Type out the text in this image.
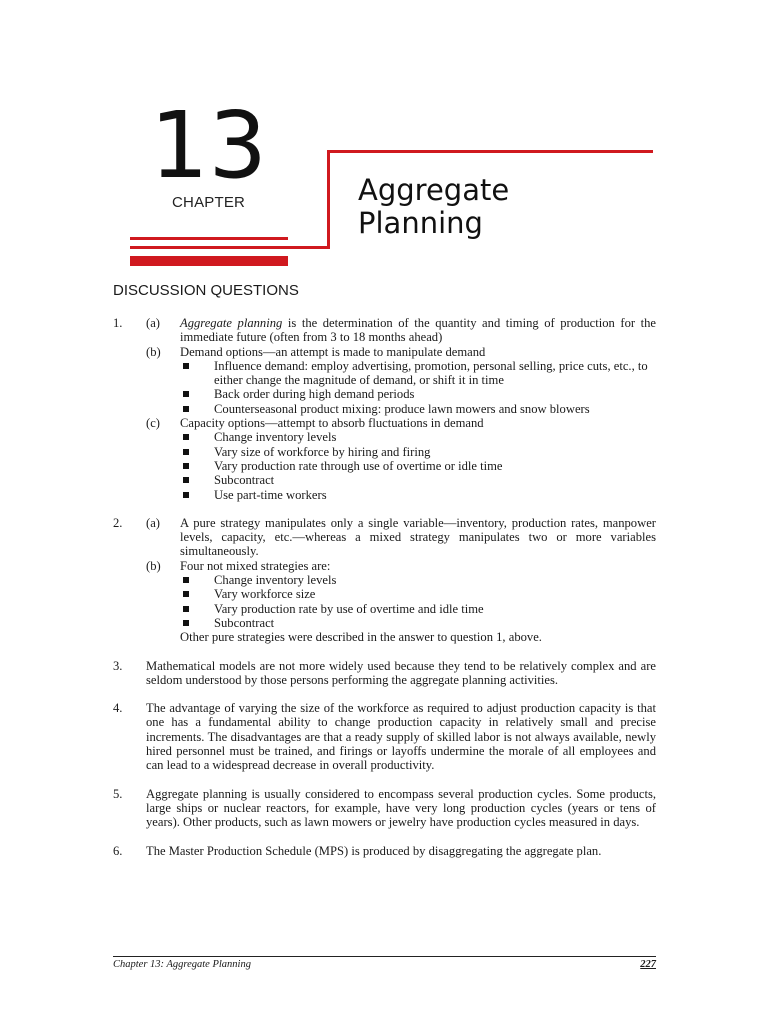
13
CHAPTER	Aggregate
Planning
DISCUSSION QUESTIONS
1. (a) Aggregate planning is the determination of the quantity and timing of production for the immediate future (often from 3 to 18 months ahead)
(b) Demand options—an attempt is made to manipulate demand
Influence demand: employ advertising, promotion, personal selling, price cuts, etc., to either change the magnitude of demand, or shift it in time
Back order during high demand periods
Counterseasonal product mixing: produce lawn mowers and snow blowers
(c) Capacity options—attempt to absorb fluctuations in demand
Change inventory levels
Vary size of workforce by hiring and firing
Vary production rate through use of overtime or idle time
Subcontract
Use part-time workers
2. (a) A pure strategy manipulates only a single variable—inventory, production rates, manpower levels, capacity, etc.—whereas a mixed strategy manipulates two or more variables simultaneously.
(b) Four not mixed strategies are:
Change inventory levels
Vary workforce size
Vary production rate by use of overtime and idle time
Subcontract
Other pure strategies were described in the answer to question 1, above.
3. Mathematical models are not more widely used because they tend to be relatively complex and are seldom understood by those persons performing the aggregate planning activities.
4. The advantage of varying the size of the workforce as required to adjust production capacity is that one has a fundamental ability to change production capacity in relatively small and precise increments. The disadvantages are that a ready supply of skilled labor is not always available, newly hired personnel must be trained, and firings or layoffs undermine the morale of all employees and can lead to a widespread decrease in overall productivity.
5. Aggregate planning is usually considered to encompass several production cycles. Some products, large ships or nuclear reactors, for example, have very long production cycles (years or tens of years). Other products, such as lawn mowers or jewelry have production cycles measured in days.
6. The Master Production Schedule (MPS) is produced by disaggregating the aggregate plan.
Chapter 13: Aggregate Planning	227
